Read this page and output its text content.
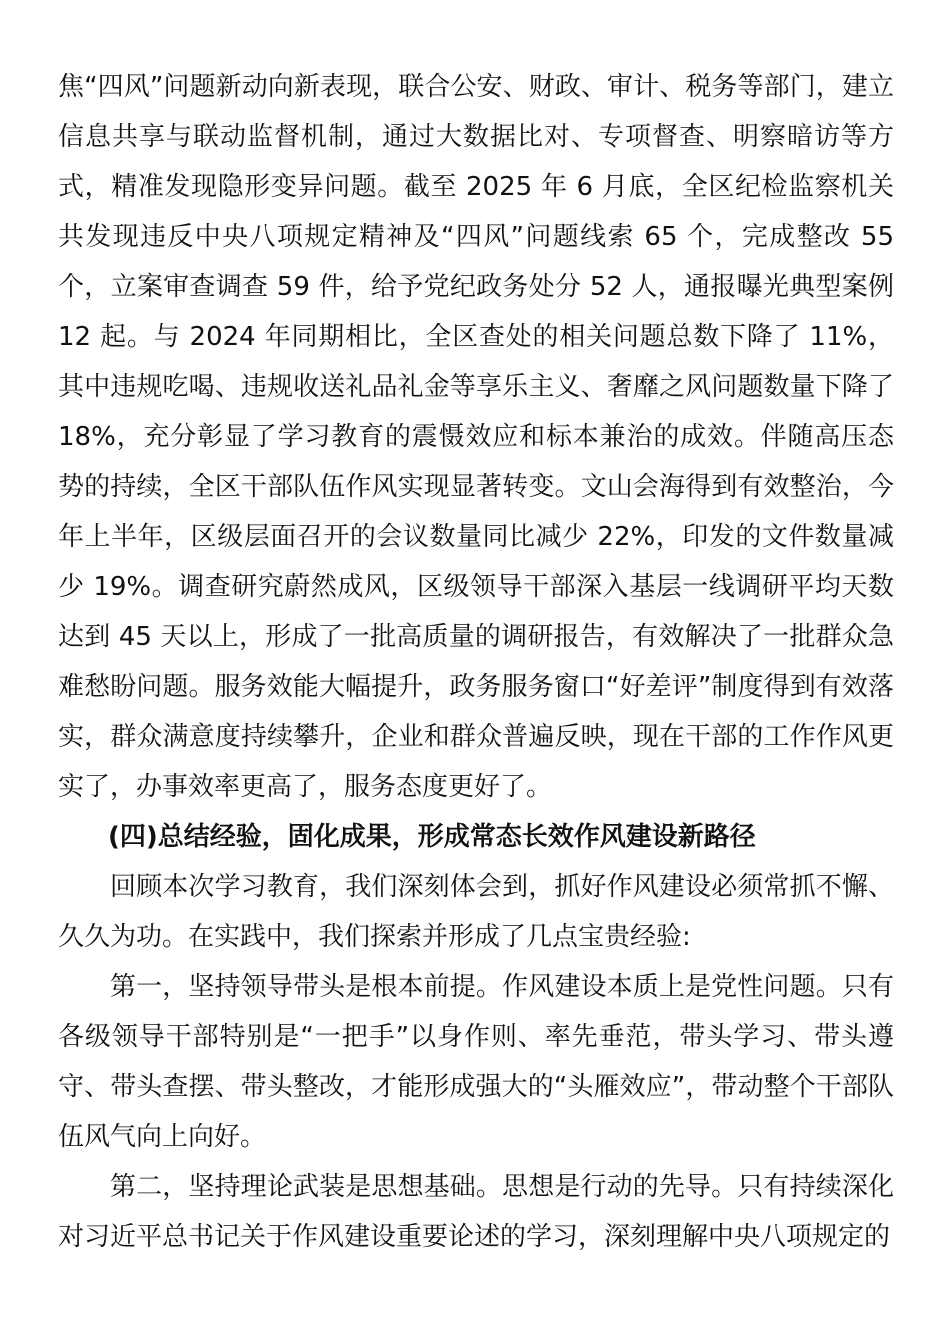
焦“四风”问题新动向新表现，联合公安、财政、审计、税务等部门，建立信息共享与联动监督机制，通过大数据比对、专项督查、明察暗访等方式，精准发现隐形变异问题。截至 2025 年 6 月底，全区纪检监察机关共发现违反中央八项规定精神及“四风”问题线索 65 个，完成整改 55 个，立案审查调查 59 件，给予党纪政务处分 52 人，通报曝光典型案例 12 起。与 2024 年同期相比，全区查处的相关问题总数下降了 11%，其中违规吃喝、违规收送礼品礼金等享乐主义、奢靡之风问题数量下降了 18%，充分彰显了学习教育的震慑效应和标本兼治的成效。伴随高压态势的持续，全区干部队伍作风实现显著转变。文山会海得到有效整治，今年上半年，区级层面召开的会议数量同比减少 22%，印发的文件数量减少 19%。调查研究蔚然成风，区级领导干部深入基层一线调研平均天数达到 45 天以上，形成了一批高质量的调研报告，有效解决了一批群众急难愁盼问题。服务效能大幅提升，政务服务窗口“好差评”制度得到有效落实，群众满意度持续攀升，企业和群众普遍反映，现在干部的工作作风更实了，办事效率更高了，服务态度更好了。

(四)总结经验，固化成果，形成常态长效作风建设新路径

回顾本次学习教育，我们深刻体会到，抓好作风建设必须常抓不懈、久久为功。在实践中，我们探索并形成了几点宝贵经验:

第一，坚持领导带头是根本前提。作风建设本质上是党性问题。只有各级领导干部特别是“一把手”以身作则、率先垂范，带头学习、带头遵守、带头查摆、带头整改，才能形成强大的“头雁效应”，带动整个干部队伍风气向上向好。

第二，坚持理论武装是思想基础。思想是行动的先导。只有持续深化对习近平总书记关于作风建设重要论述的学习，深刻理解中央八项规定的
